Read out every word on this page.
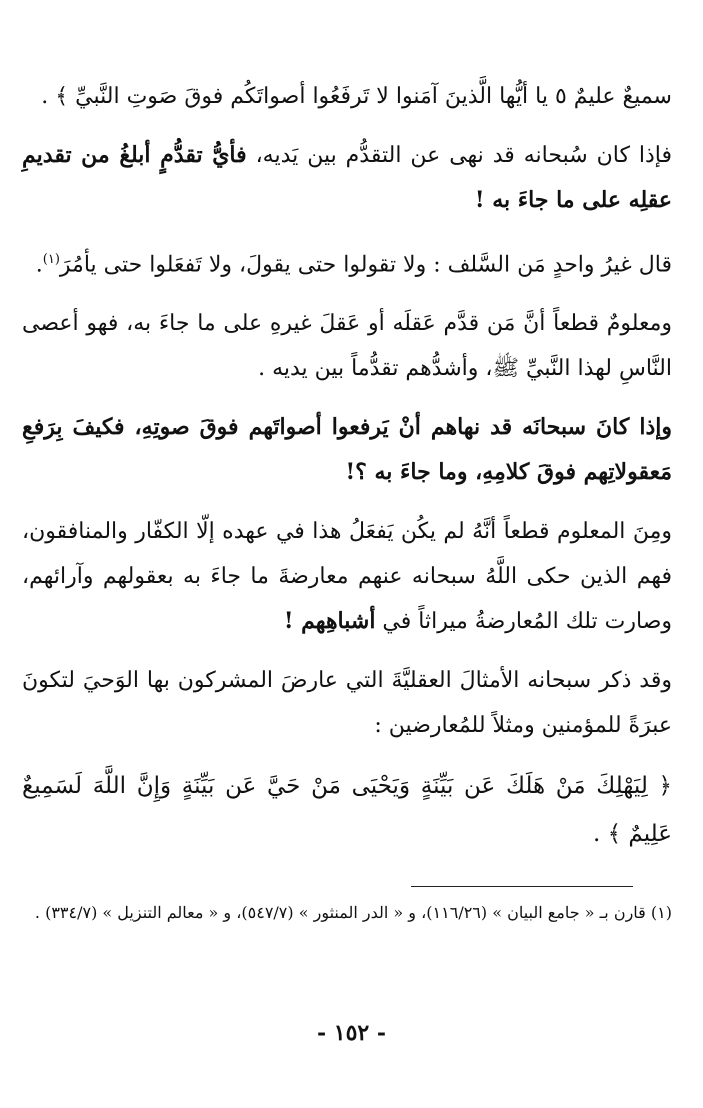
سميعٌ عليمٌ ٥ يا أيُّها الَّذينَ آمَنوا لا تَرفَعُوا أصواتَكُم فوقَ صَوتِ النَّبيِّ ﴾ .

فإذا كان سُبحانه قد نهى عن التقدُّم بين يَديه، فأيُّ تقدُّمٍ أبلغُ من تقديمِ عقلِه على ما جاءَ به !

قال غيرُ واحدٍ مَن السَّلف : ولا تقولوا حتى يقولَ، ولا تَفعَلوا حتى يأمُرَ$^{(١)}$.

ومعلومٌ قطعاً أنَّ مَن قدَّم عَقلَه أو عَقلَ غيرهِ على ما جاءَ به، فهو أعصى النَّاسِ لهذا النَّبيِّ ﷺ، وأشدُّهم تقدُّماً بين يديه .

وإذا كانَ سبحانَه قد نهاهم أنْ يَرفعوا أصواتَهم فوقَ صوتِهِ، فكيفَ بِرَفعِ مَعقولاتِهم فوقَ كلامِهِ، وما جاءَ به ؟!

ومِنَ المعلوم قطعاً أنَّهُ لم يكُن يَفعَلُ هذا في عهده إلّا الكفّار والمنافقون، فهم الذين حكى اللَّهُ سبحانه عنهم معارضةَ ما جاءَ به بعقولهم وآرائهم، وصارت تلك المُعارضةُ ميراثاً في أشباهِهم !

وقد ذكر سبحانه الأمثالَ العقليَّةَ التي عارضَ المشركون بها الوَحيَ لتكونَ عبرَةً للمؤمنين ومثلاً للمُعارضين :

﴿ لِيَهْلِكَ مَنْ هَلَكَ عَن بَيِّنَةٍ وَيَحْيَى مَنْ حَيَّ عَن بَيِّنَةٍ وَإِنَّ اللَّهَ لَسَمِيعٌ عَلِيمٌ ﴾ .

(١) قارن بـ « جامع البيان » (١١٦/٢٦)، و « الدر المنثور » (٥٤٧/٧)، و « معالم التنزيل » (٣٣٤/٧) .
- ١٥٢ -
